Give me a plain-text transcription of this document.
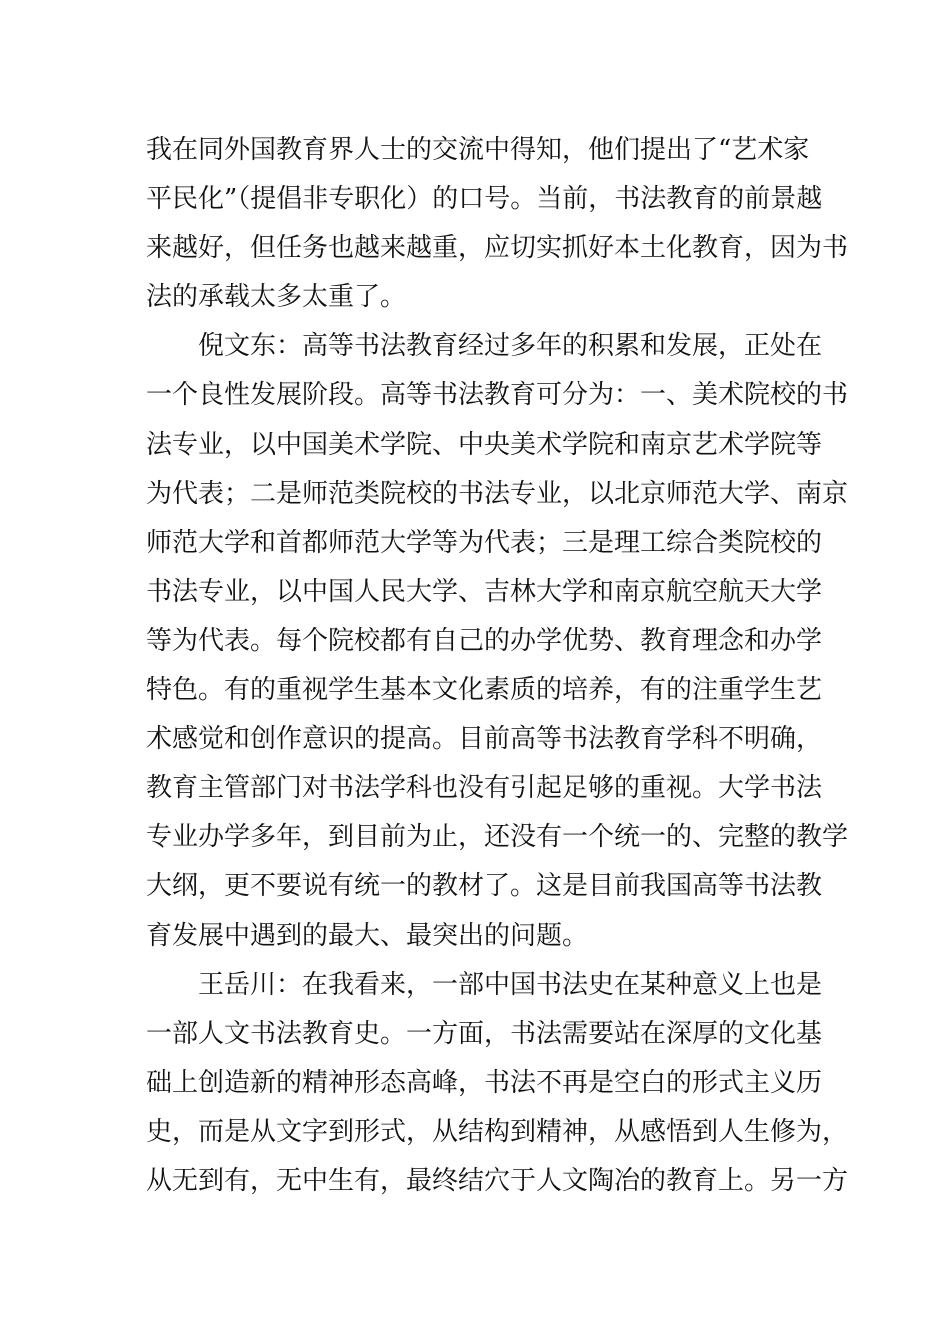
我在同外国教育界人士的交流中得知，他们提出了“艺术家
平民化”（提倡非专职化）的口号。当前，书法教育的前景越
来越好，但任务也越来越重，应切实抓好本土化教育，因为书
法的承载太多太重了。
倪文东：高等书法教育经过多年的积累和发展，正处在
一个良性发展阶段。高等书法教育可分为：一、美术院校的书
法专业，以中国美术学院、中央美术学院和南京艺术学院等
为代表；二是师范类院校的书法专业，以北京师范大学、南京
师范大学和首都师范大学等为代表；三是理工综合类院校的
书法专业，以中国人民大学、吉林大学和南京航空航天大学
等为代表。每个院校都有自己的办学优势、教育理念和办学
特色。有的重视学生基本文化素质的培养，有的注重学生艺
术感觉和创作意识的提高。目前高等书法教育学科不明确，
教育主管部门对书法学科也没有引起足够的重视。大学书法
专业办学多年，到目前为止，还没有一个统一的、完整的教学
大纲，更不要说有统一的教材了。这是目前我国高等书法教
育发展中遇到的最大、最突出的问题。
王岳川：在我看来，一部中国书法史在某种意义上也是
一部人文书法教育史。一方面，书法需要站在深厚的文化基
础上创造新的精神形态高峰，书法不再是空白的形式主义历
史，而是从文字到形式，从结构到精神，从感悟到人生修为，
从无到有，无中生有，最终结穴于人文陶冶的教育上。另一方
